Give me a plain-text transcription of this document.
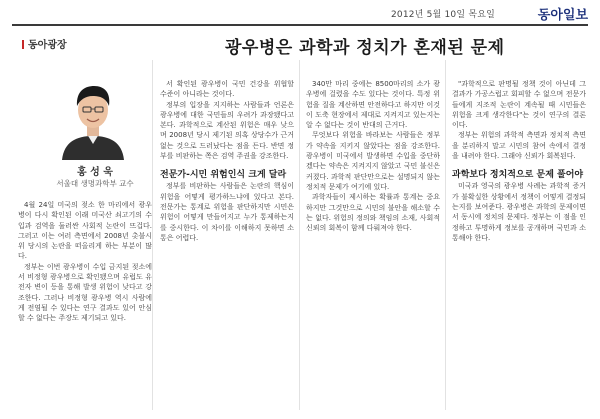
2012년 5월 10일 목요일	동아일보
동아광장	광우병은 과학과 정치가 혼재된 문제
홍 성 욱
서울대 생명과학부 교수

4월 24일 미국의 젖소 한 마리에서 광우병이 다시 확인된 이래 미국산 쇠고기의 수입과 검역을 둘러싼 사회적 논란이 뜨겁다. 그러고 이는 여러 측면에서 2008년 촛불시위 당시의 논란을 떠올리게 하는 부분이 많다.

정부는 이번 광우병이 수입 금지된 젖소에서 비정형 광우병으로 확인됐으며 유럽도 유전자 변이 등을 통해 발생 위험이 낮다고 강조한다. 그러나 비정형 광우병 역시 사람에게 전염될 수 있다는 연구 결과도 있어 안심할 수 없다는 주장도 제기되고 있다.

서 확인된 광우병이 국민 건강을 위협할 수준이 아니라는 것이다.

정부의 입장을 지지하는 사람들과 언론은 광우병에 대한 국민들의 우려가 과장됐다고 본다. 과학적으로 계산된 위험은 매우 낮으며 2008년 당시 제기된 의혹 상당수가 근거 없는 것으로 드러났다는 점을 든다. 반면 정부를 비판하는 쪽은 검역 주권을 강조한다.

전문가-시민 위험인식 크게 달라

정부를 비판하는 사람들은 논란의 핵심이 위험을 어떻게 평가하느냐에 있다고 본다. 전문가는 통계로 위험을 판단하지만 시민은 위험이 어떻게 만들어지고 누가 통제하는지를 중시한다. 이 차이를 이해하지 못하면 소통은 어렵다.

340만 마리 중에는 8500마리의 소가 광우병에 걸렸을 수도 있다는 것이다. 특정 위험을 질을 계산하면 안전하다고 하지만 이것이 도축 현장에서 제대로 지켜지고 있는지는 알 수 없다는 것이 반대의 근거다.

무엇보다 위험을 바라보는 사람들은 정부가 약속을 지키지 않았다는 점을 강조한다. 광우병이 미국에서 발생하면 수입을 중단하겠다는 약속은 지켜지지 않았고 국민 불신은 커졌다. 과학적 판단만으로는 설명되지 않는 정치적 문제가 여기에 있다.

과학자들이 제시하는 확률과 통계는 중요하지만 그것만으로 시민의 불안을 해소할 수는 없다. 위험의 정의와 책임의 소재, 사회적 신뢰의 회복이 함께 다뤄져야 한다.

"과학적으로 판명될 정책 것이 아닌데 그 결과가 가공스럽고 회피할 수 없으며 전문가들에게 지조적 논란이 계속될 때 시민들은 위험을 크게 생각한다"는 것이 연구의 결론이다.

정부는 위험의 과학적 측면과 정치적 측면을 분리하지 말고 시민의 참여 속에서 결정을 내려야 한다. 그래야 신뢰가 회복된다.

과학보다 정치적으로 문제 풀어야

미국과 영국의 광우병 사례는 과학적 증거가 불확실한 상황에서 정책이 어떻게 결정되는지를 보여준다. 광우병은 과학의 문제이면서 동시에 정치의 문제다. 정부는 이 점을 인정하고 투명하게 정보를 공개하며 국민과 소통해야 한다.
